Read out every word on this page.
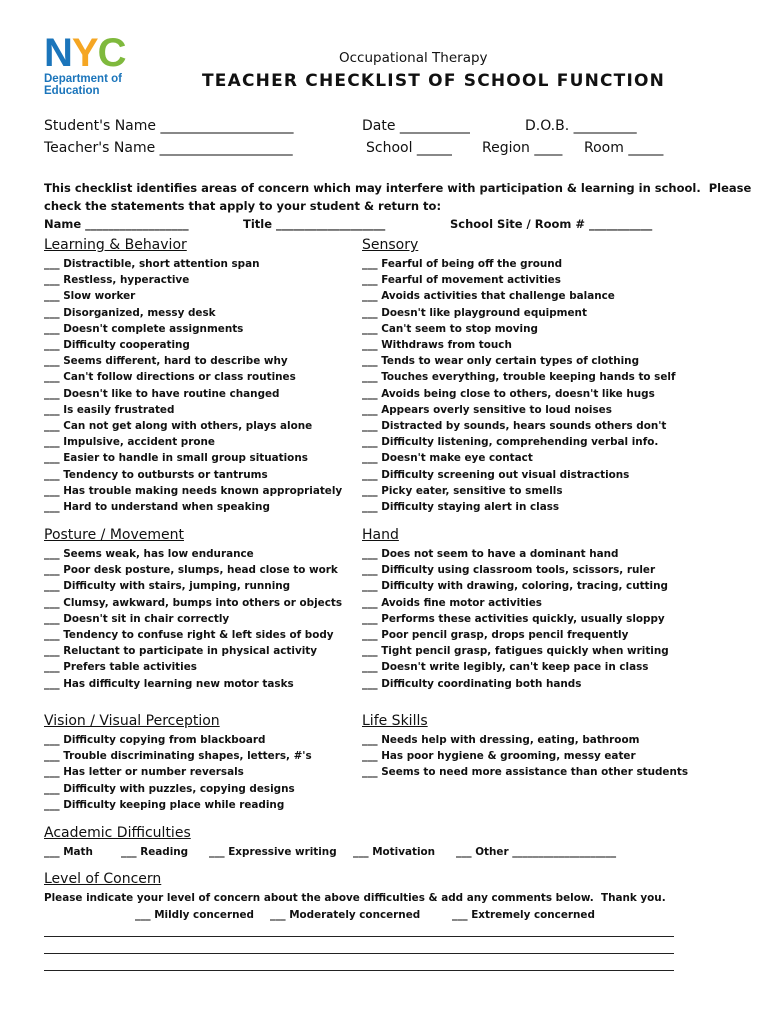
NYC
Department of
Education
Occupational Therapy
TEACHER CHECKLIST OF SCHOOL FUNCTION
Student's Name ___________________	Date __________	D.O.B. _________
Teacher's Name ___________________	School _____ Region ____ Room _____
This checklist identifies areas of concern which may interfere with participation & learning in school.  Please
check the statements that apply to your student & return to:
Name __________________	Title ___________________	School Site / Room # ___________
Learning & Behavior
___ Distractible, short attention span
___ Restless, hyperactive
___ Slow worker
___ Disorganized, messy desk
___ Doesn't complete assignments
___ Difficulty cooperating
___ Seems different, hard to describe why
___ Can't follow directions or class routines
___ Doesn't like to have routine changed
___ Is easily frustrated
___ Can not get along with others, plays alone
___ Impulsive, accident prone
___ Easier to handle in small group situations
___ Tendency to outbursts or tantrums
___ Has trouble making needs known appropriately
___ Hard to understand when speaking
Sensory
___ Fearful of being off the ground
___ Fearful of movement activities
___ Avoids activities that challenge balance
___ Doesn't like playground equipment
___ Can't seem to stop moving
___ Withdraws from touch
___ Tends to wear only certain types of clothing
___ Touches everything, trouble keeping hands to self
___ Avoids being close to others, doesn't like hugs
___ Appears overly sensitive to loud noises
___ Distracted by sounds, hears sounds others don't
___ Difficulty listening, comprehending verbal info.
___ Doesn't make eye contact
___ Difficulty screening out visual distractions
___ Picky eater, sensitive to smells
___ Difficulty staying alert in class
Posture / Movement
___ Seems weak, has low endurance
___ Poor desk posture, slumps, head close to work
___ Difficulty with stairs, jumping, running
___ Clumsy, awkward, bumps into others or objects
___ Doesn't sit in chair correctly
___ Tendency to confuse right & left sides of body
___ Reluctant to participate in physical activity
___ Prefers table activities
___ Has difficulty learning new motor tasks
Hand
___ Does not seem to have a dominant hand
___ Difficulty using classroom tools, scissors, ruler
___ Difficulty with drawing, coloring, tracing, cutting
___ Avoids fine motor activities
___ Performs these activities quickly, usually sloppy
___ Poor pencil grasp, drops pencil frequently
___ Tight pencil grasp, fatigues quickly when writing
___ Doesn't write legibly, can't keep pace in class
___ Difficulty coordinating both hands
Vision / Visual Perception
___ Difficulty copying from blackboard
___ Trouble discriminating shapes, letters, #'s
___ Has letter or number reversals
___ Difficulty with puzzles, copying designs
___ Difficulty keeping place while reading
Life Skills
___ Needs help with dressing, eating, bathroom
___ Has poor hygiene & grooming, messy eater
___ Seems to need more assistance than other students
Academic Difficulties
___ Math	___ Reading ___ Expressive writing ___ Motivation ___ Other ____________________
Level of Concern
Please indicate your level of concern about the above difficulties & add any comments below.  Thank you.
___ Mildly concerned ___ Moderately concerned	___ Extremely concerned
